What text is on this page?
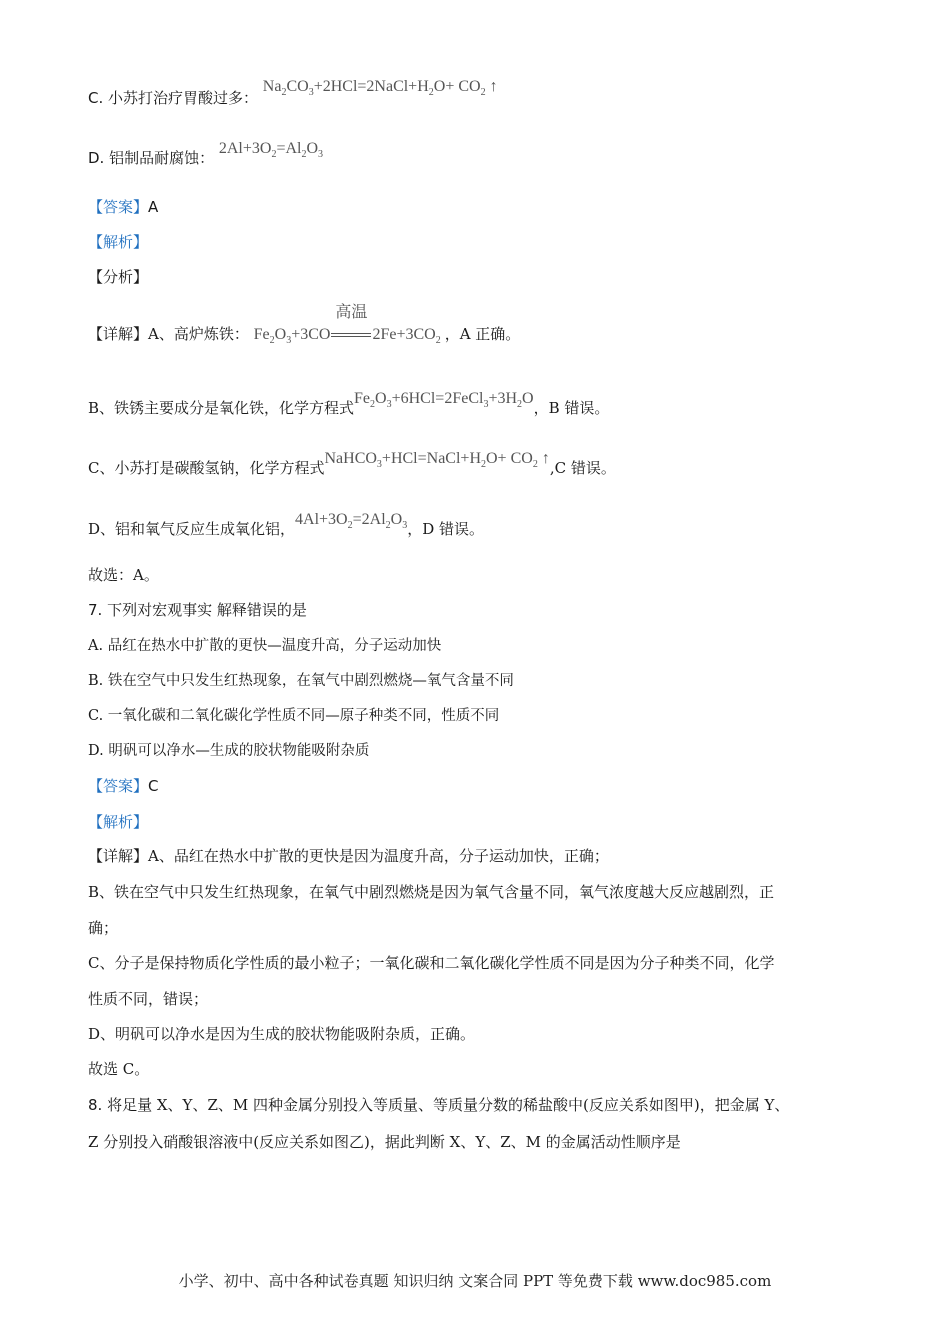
C. 小苏打治疗胃酸过多： $Na_2CO_3+2HCl=2NaCl+H_2O+ CO_2$ ↑
D. 铝制品耐腐蚀： $2Al+3O_2=Al_2O_3$
【答案】A
【解析】
【分析】
【详解】A、高炉炼铁： $Fe_2O_3+3CO$
高温
$2Fe+3CO_2$ ，A 正确。
B、铁锈主要成分是氧化铁，化学方程式$Fe_2O_3+6HCl=2FeCl_3+3H_2O$，B 错误。
C、小苏打是碳酸氢钠，化学方程式$NaHCO_3+HCl=NaCl+H_2O+ CO_2$ ↑,C 错误。
D、铝和氧气反应生成氧化铝，$4Al+3O_2=2Al_2O_3$，D 错误。
故选：A。
7. 下列对宏观事实 解释错误的是
A. 品红在热水中扩散的更快—温度升高，分子运动加快
B. 铁在空气中只发生红热现象，在氧气中剧烈燃烧—氧气含量不同
C. 一氧化碳和二氧化碳化学性质不同—原子种类不同，性质不同
D. 明矾可以净水—生成的胶状物能吸附杂质
【答案】C
【解析】
【详解】A、品红在热水中扩散的更快是因为温度升高，分子运动加快，正确；
B、铁在空气中只发生红热现象，在氧气中剧烈燃烧是因为氧气含量不同，氧气浓度越大反应越剧烈，正
确；
C、分子是保持物质化学性质的最小粒子；一氧化碳和二氧化碳化学性质不同是因为分子种类不同，化学
性质不同，错误；
D、明矾可以净水是因为生成的胶状物能吸附杂质，正确。
故选 C。
8. 将足量 X、Y、Z、M 四种金属分别投入等质量、等质量分数的稀盐酸中(反应关系如图甲)，把金属 Y、
Z 分别投入硝酸银溶液中(反应关系如图乙)，据此判断 X、Y、Z、M 的金属活动性顺序是
小学、初中、高中各种试卷真题 知识归纳 文案合同 PPT 等免费下载 www.doc985.com
